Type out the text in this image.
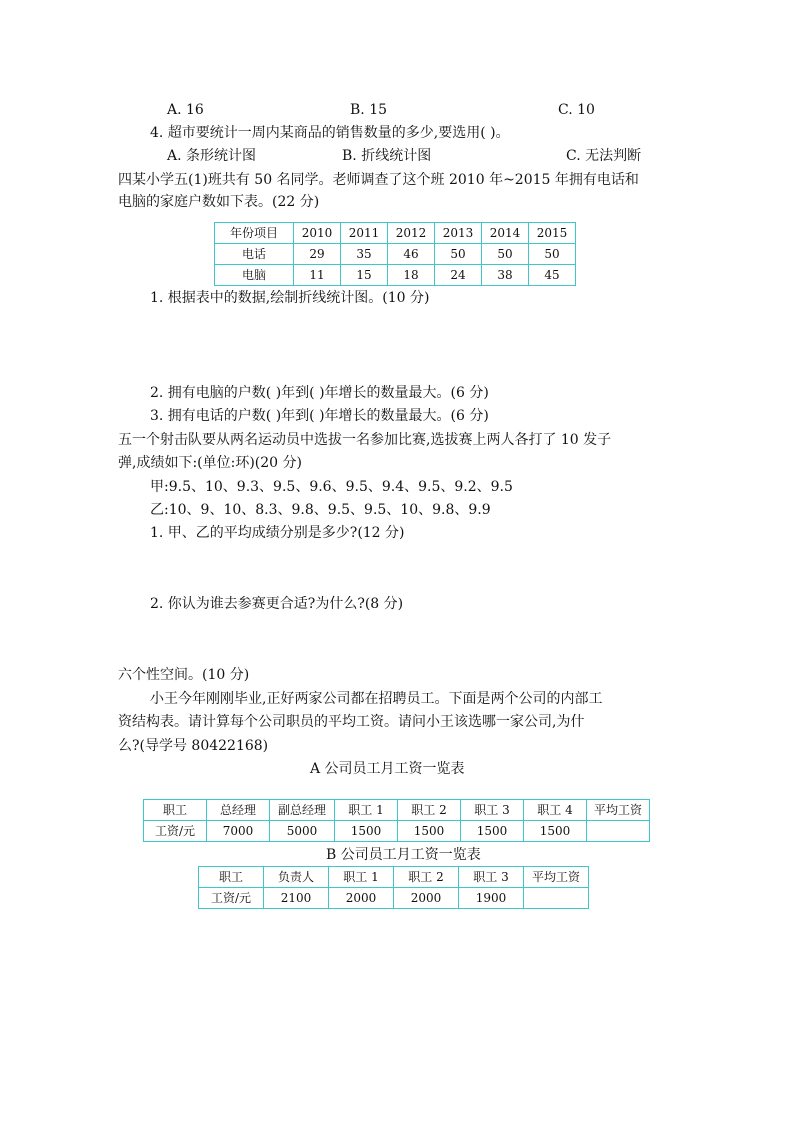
A. 16	B. 15	C. 10
4. 超市要统计一周内某商品的销售数量的多少,要选用( )。
A. 条形统计图	B. 折线统计图	C. 无法判断
四某小学五(1)班共有 50 名同学。老师调查了这个班 2010 年~2015 年拥有电话和
电脑的家庭户数如下表。(22 分)
年份项目	2010	2011	2012	2013	2014	2015
电话	29	35	46	50	50	50
电脑	11	15	18	24	38	45
1. 根据表中的数据,绘制折线统计图。(10 分)
2. 拥有电脑的户数( )年到( )年增长的数量最大。(6 分)
3. 拥有电话的户数( )年到( )年增长的数量最大。(6 分)
五一个射击队要从两名运动员中选拔一名参加比赛,选拔赛上两人各打了 10 发子
弹,成绩如下:(单位:环)(20 分)
甲:9.5、10、9.3、9.5、9.6、9.5、9.4、9.5、9.2、9.5
乙:10、9、10、8.3、9.8、9.5、9.5、10、9.8、9.9
1. 甲、乙的平均成绩分别是多少?(12 分)
2. 你认为谁去参赛更合适?为什么?(8 分)
六个性空间。(10 分)
小王今年刚刚毕业,正好两家公司都在招聘员工。下面是两个公司的内部工
资结构表。请计算每个公司职员的平均工资。请问小王该选哪一家公司,为什
么?(导学号 80422168)
A 公司员工月工资一览表
职工	总经理	副总经理	职工 1	职工 2	职工 3	职工 4	平均工资
工资/元	7000	5000	1500	1500	1500	1500	
B 公司员工月工资一览表
职工	负责人	职工 1	职工 2	职工 3	平均工资
工资/元	2100	2000	2000	1900	
